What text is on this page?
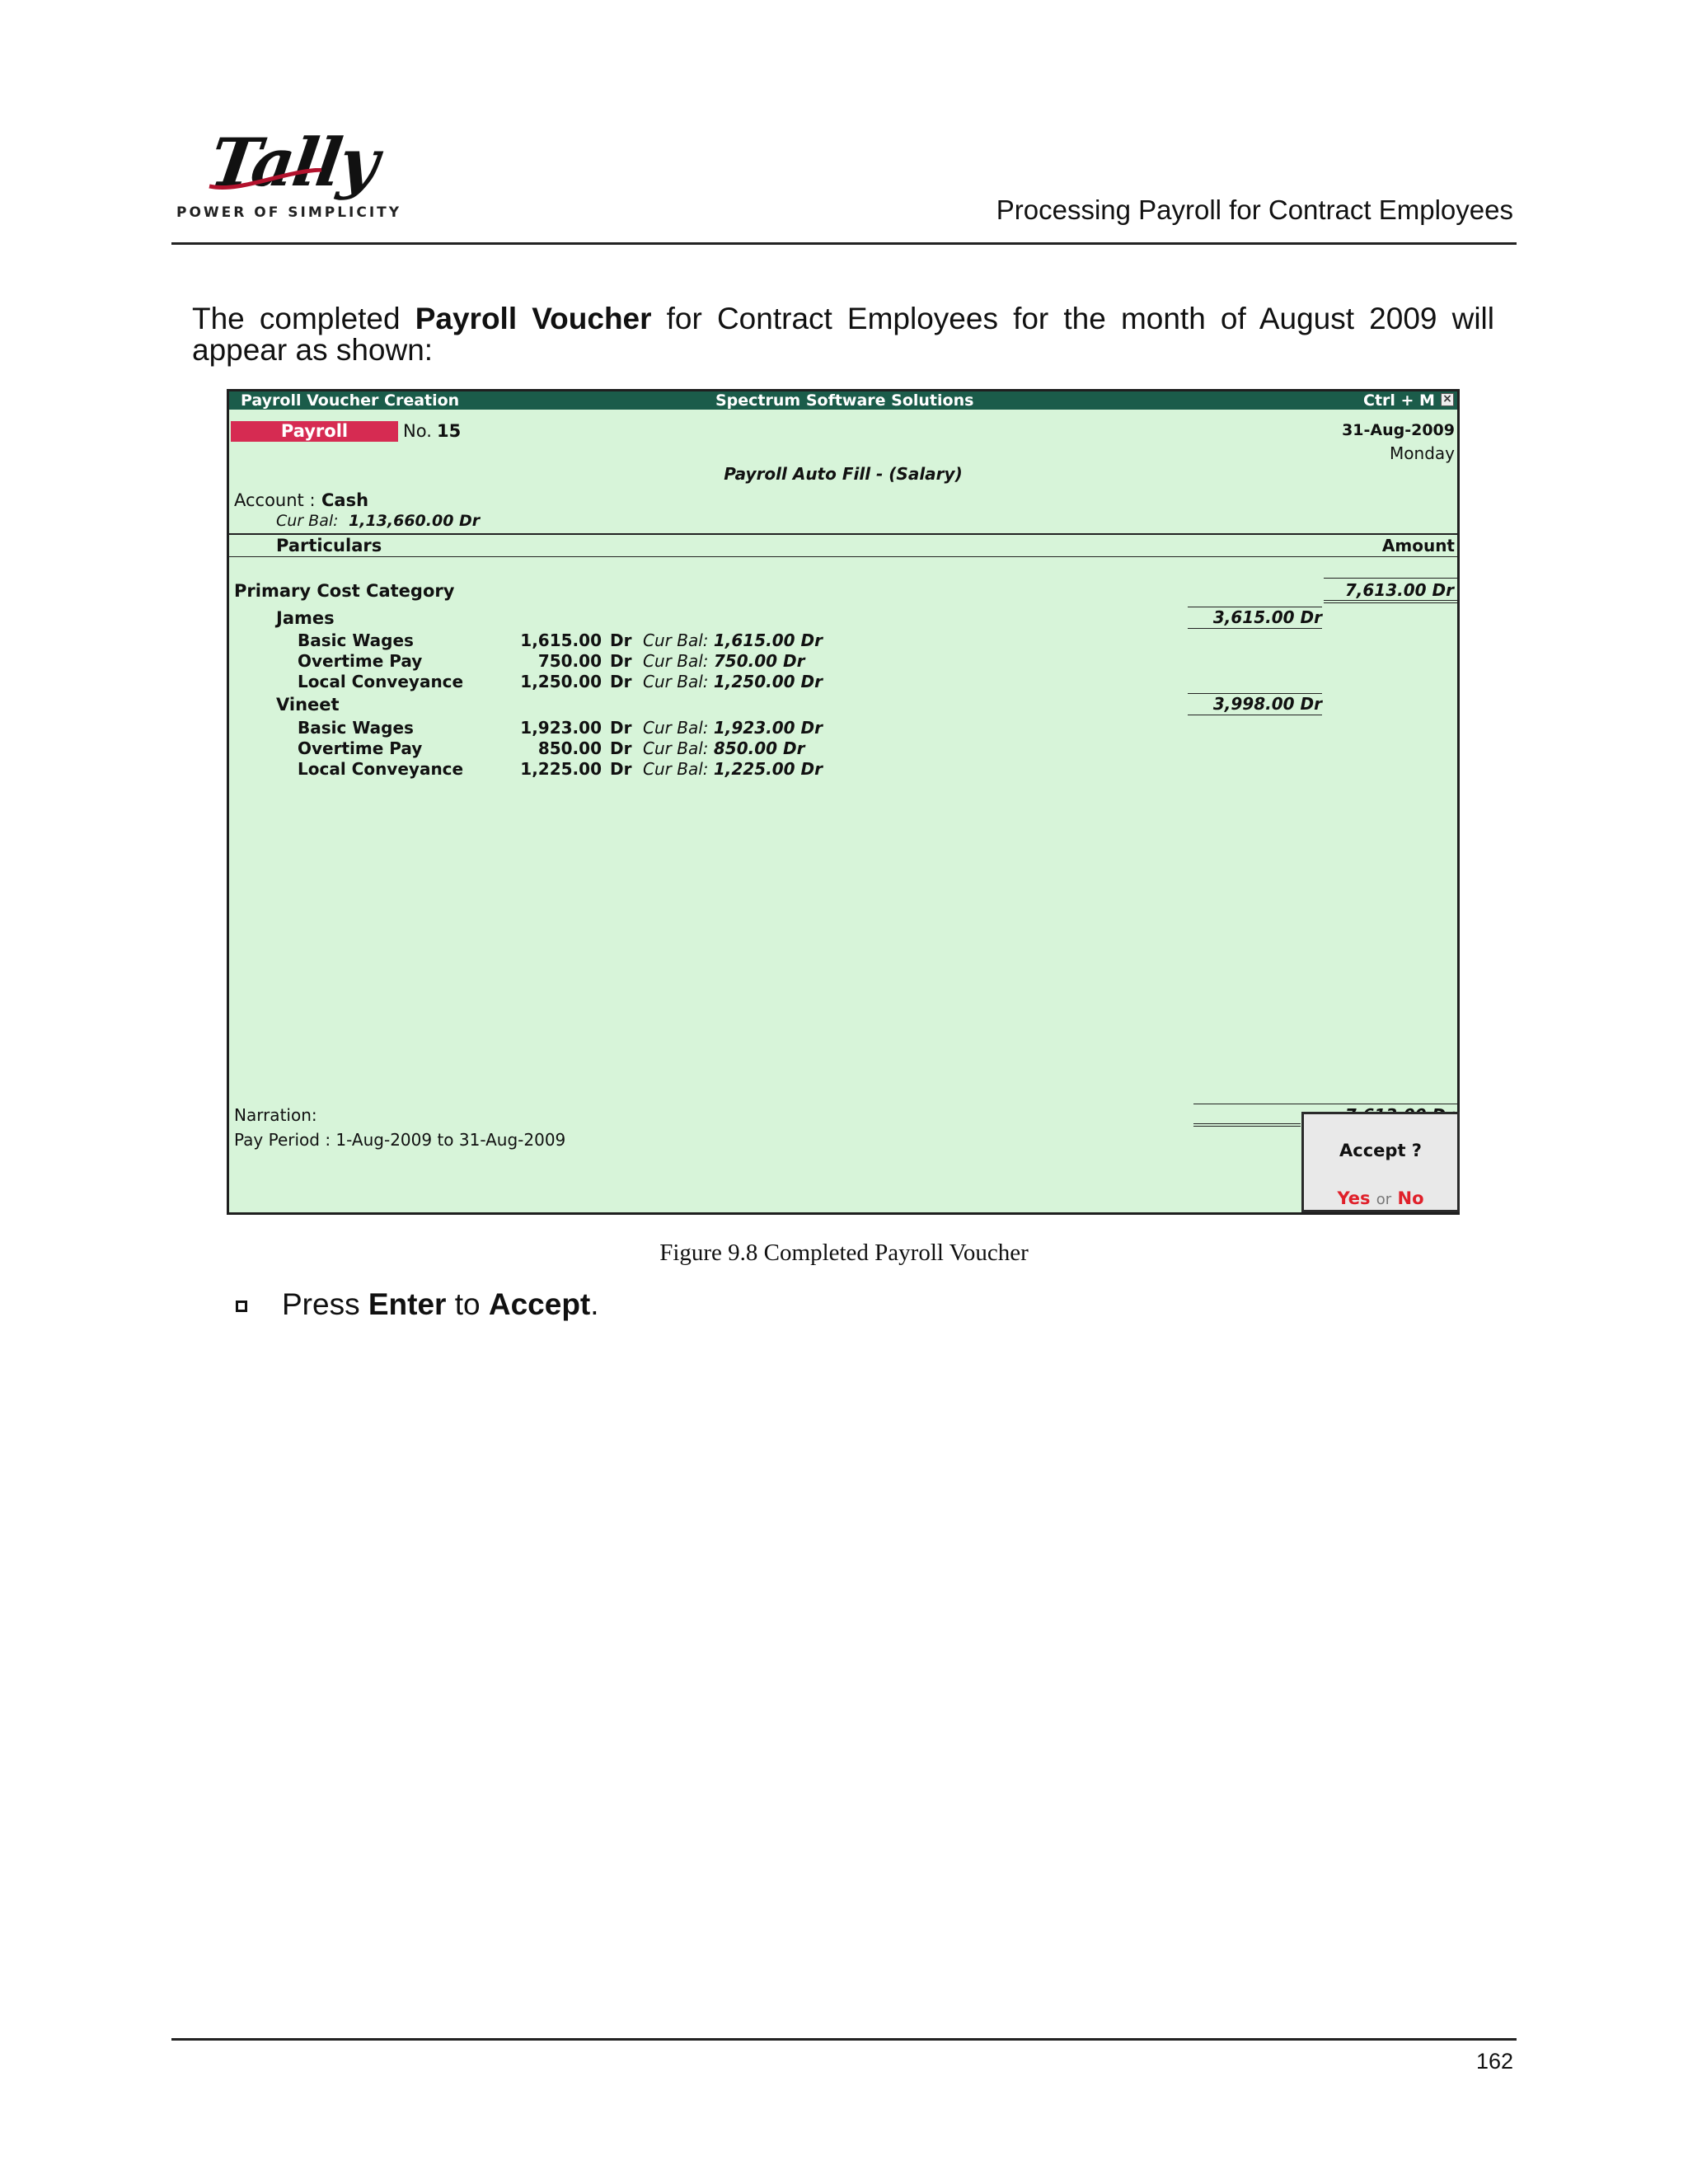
Tally
POWER OF SIMPLICITY	Processing Payroll for Contract Employees
The completed Payroll Voucher for Contract Employees for the month of August 2009 will appear as shown:
Payroll Voucher Creation	Spectrum Software Solutions	Ctrl + M ×
Payroll	No. 15	31-Aug-2009
Monday
Payroll Auto Fill - (Salary)
Account : Cash
Cur Bal: 1,13,660.00 Dr
Particulars	Amount
Primary Cost Category	7,613.00 Dr
James	3,615.00 Dr
Basic Wages	1,615.00 Dr Cur Bal: 1,615.00 Dr
Overtime Pay	750.00 Dr Cur Bal: 750.00 Dr
Local Conveyance	1,250.00 Dr Cur Bal: 1,250.00 Dr
Vineet	3,998.00 Dr
Basic Wages	1,923.00 Dr Cur Bal: 1,923.00 Dr
Overtime Pay	850.00 Dr Cur Bal: 850.00 Dr
Local Conveyance	1,225.00 Dr Cur Bal: 1,225.00 Dr
Narration:
Pay Period : 1-Aug-2009 to 31-Aug-2009
Accept ?
Yes or No
Figure 9.8 Completed Payroll Voucher
Press Enter to Accept.
162
